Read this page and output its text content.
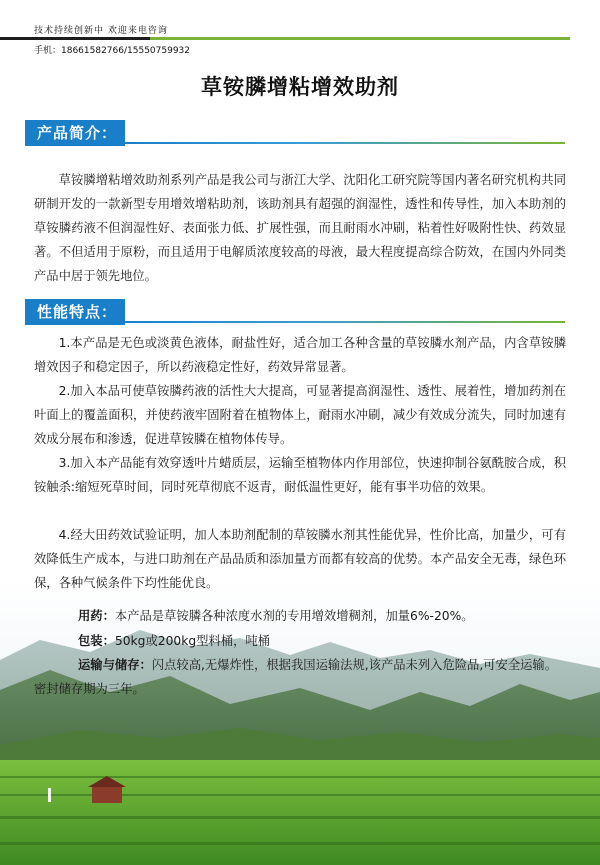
技术持续创新中 欢迎来电咨询
手机：18661582766/15550759932
草铵膦增粘增效助剂
产品简介：
草铵膦增粘增效助剂系列产品是我公司与浙江大学、沈阳化工研究院等国内著名研究机构共同研制开发的一款新型专用增效增粘助剂，该助剂具有超强的润湿性，透性和传导性，加入本助剂的草铵膦药液不但润湿性好、表面张力低、扩展性强，而且耐雨水冲刷，粘着性好吸附性快、药效显著。不但适用于原粉，而且适用于电解质浓度较高的母液，最大程度提高综合防效，在国内外同类产品中居于领先地位。
性能特点：
1.本产品是无色或淡黄色液体，耐盐性好，适合加工各种含量的草铵膦水剂产品，内含草铵膦增效因子和稳定因子，所以药液稳定性好，药效异常显著。
2.加入本品可使草铵膦药液的活性大大提高，可显著提高润湿性、透性、展着性，增加药剂在叶面上的覆盖面积，并使药液牢固附着在植物体上，耐雨水冲刷，减少有效成分流失，同时加速有效成分展布和渗透，促进草铵膦在植物体传导。
3.加入本产品能有效穿透叶片蜡质层，运输至植物体内作用部位，快速抑制谷氨酰胺合成，积铵触杀:缩短死草时间，同时死草彻底不返青，耐低温性更好，能有事半功倍的效果。
4.经大田药效试验证明，加人本助剂配制的草铵膦水剂其性能优异，性价比高，加量少，可有效降低生产成本，与进口助剂在产品品质和添加量方而都有较高的优势。本产品安全无毒，绿色环保，各种气候条件下均性能优良。
用药：本产品是草铵膦各种浓度水剂的专用增效增稠剂，加量6%-20%。
包装：50kg或200kg型料桶，吨桶
运输与储存：闪点较高,无爆炸性，根据我国运输法规,该产品未列入危险品,可安全运输。密封储存期为三年。
